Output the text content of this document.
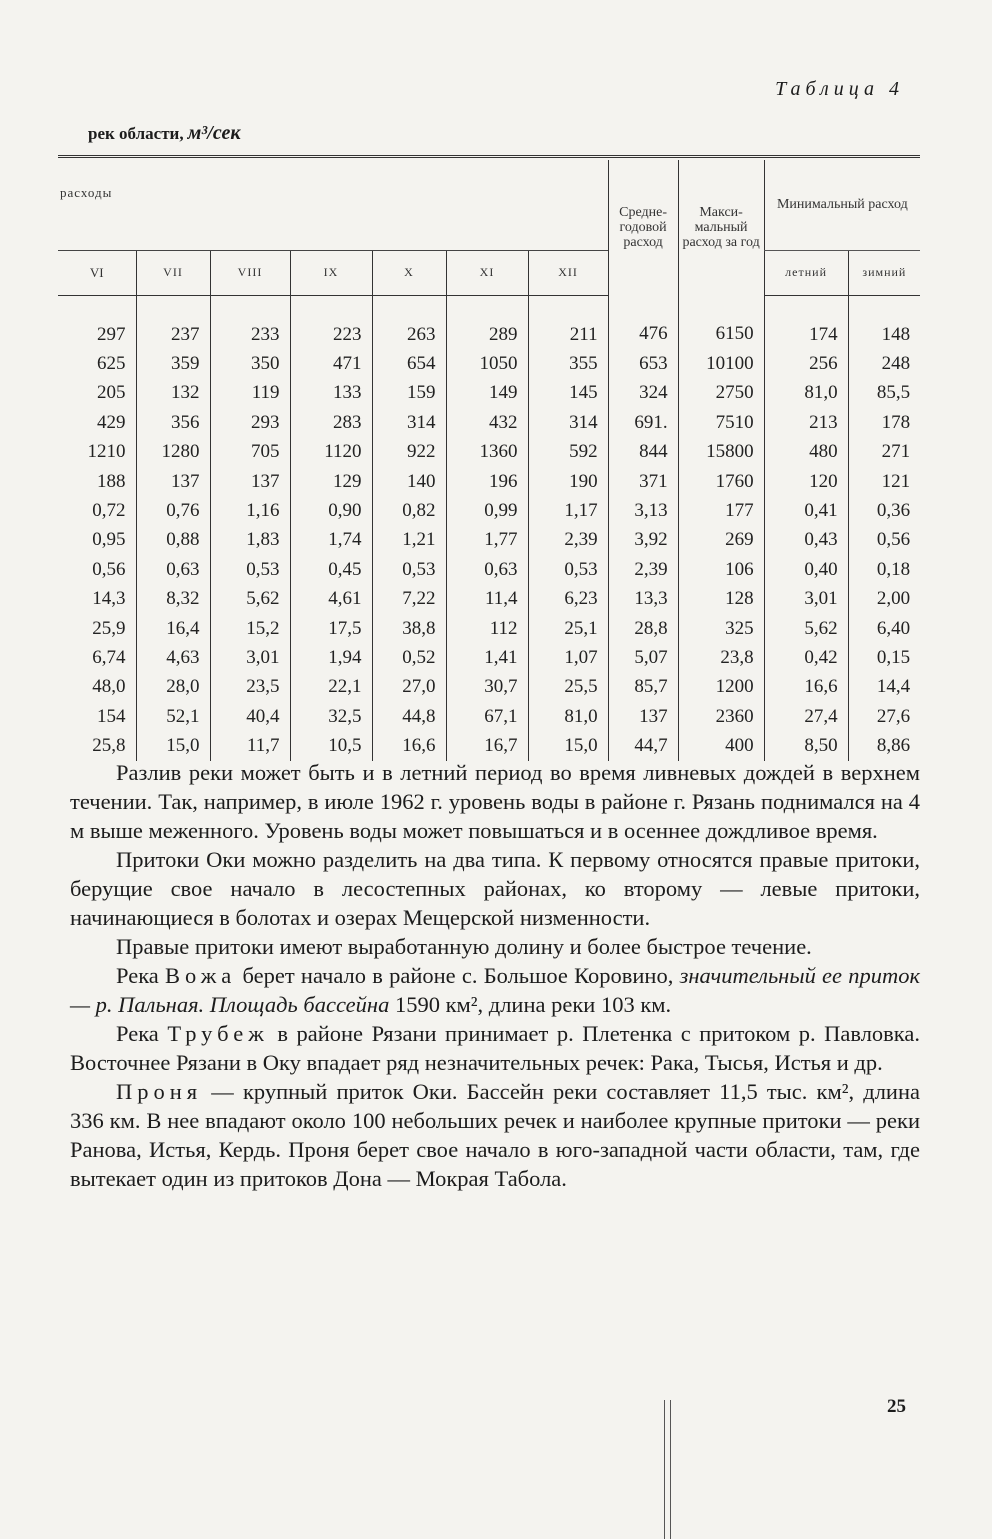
Таблица 4
рек области, м³/сек
расходы							Средне-годовой расход	Макси-мальный расход за год	Минимальный расход	
VI	VII	VIII	IX	X	XI	XII			летний	зимний
297	237	233	223	263	289	211	476	6150	174	148
625	359	350	471	654	1050	355	653	10100	256	248
205	132	119	133	159	149	145	324	2750	81,0	85,5
429	356	293	283	314	432	314	691.	7510	213	178
1210	1280	705	1120	922	1360	592	844	15800	480	271
188	137	137	129	140	196	190	371	1760	120	121
0,72	0,76	1,16	0,90	0,82	0,99	1,17	3,13	177	0,41	0,36
0,95	0,88	1,83	1,74	1,21	1,77	2,39	3,92	269	0,43	0,56
0,56	0,63	0,53	0,45	0,53	0,63	0,53	2,39	106	0,40	0,18
14,3	8,32	5,62	4,61	7,22	11,4	6,23	13,3	128	3,01	2,00
25,9	16,4	15,2	17,5	38,8	112	25,1	28,8	325	5,62	6,40
6,74	4,63	3,01	1,94	0,52	1,41	1,07	5,07	23,8	0,42	0,15
48,0	28,0	23,5	22,1	27,0	30,7	25,5	85,7	1200	16,6	14,4
154	52,1	40,4	32,5	44,8	67,1	81,0	137	2360	27,4	27,6
25,8	15,0	11,7	10,5	16,6	16,7	15,0	44,7	400	8,50	8,86

Разлив реки может быть и в летний период во время ливневых дождей в верхнем течении. Так, например, в июле 1962 г. уровень воды в районе г. Рязань поднимался на 4 м выше меженного. Уровень воды может повышаться и в осеннее дождливое время.

Притоки Оки можно разделить на два типа. К первому относятся правые притоки, берущие свое начало в лесостепных районах, ко второму — левые притоки, начинающиеся в болотах и озерах Мещерской низменности.

Правые притоки имеют выработанную долину и более быстрое течение.

Река Вожа берет начало в районе с. Большое Коровино, значительный ее приток — р. Пальная. Площадь бассейна 1590 км², длина реки 103 км.

Река Трубеж в районе Рязани принимает р. Плетенка с притоком р. Павловка. Восточнее Рязани в Оку впадает ряд незначительных речек: Рака, Тысья, Истья и др.

Проня — крупный приток Оки. Бассейн реки составляет 11,5 тыс. км², длина 336 км. В нее впадают около 100 небольших речек и наиболее крупные притоки — реки Ранова, Истья, Кердь. Проня берет свое начало в юго-западной части области, там, где вытекает один из притоков Дона — Мокрая Табола.

25
